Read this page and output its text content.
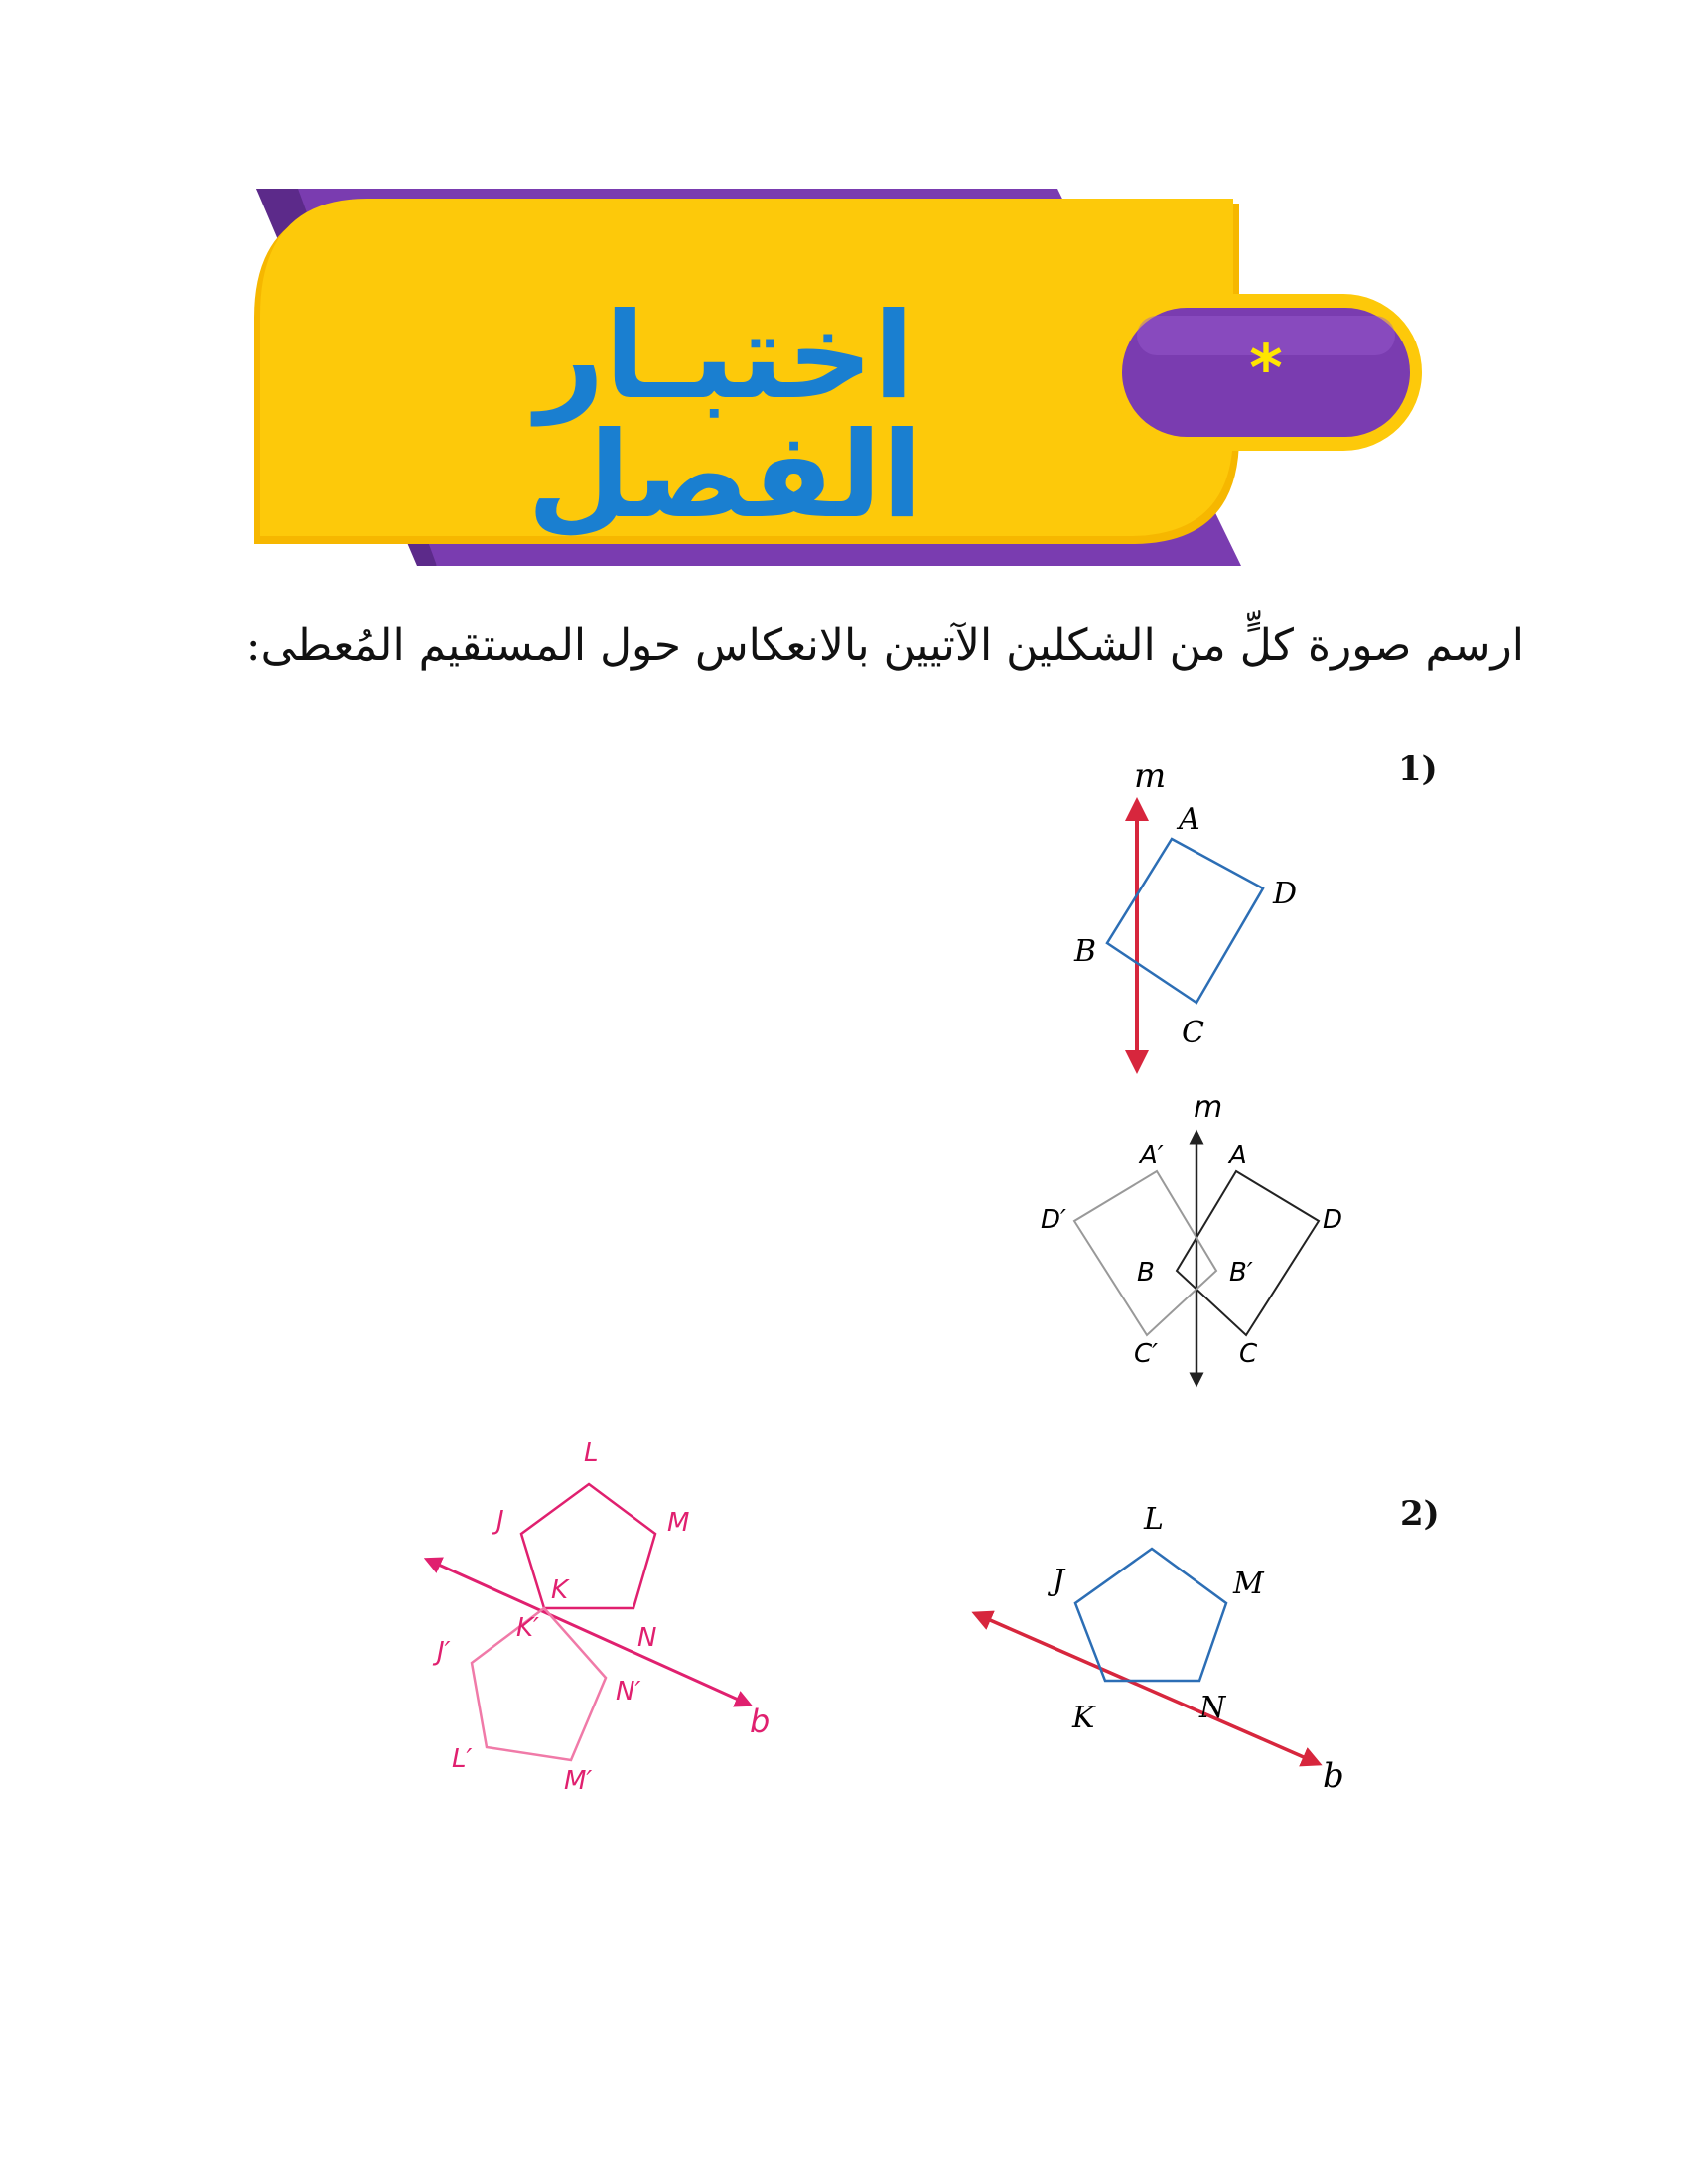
اختبـار الفصل
*
ارسم صورة كلٍّ من الشكلين الآتيين بالانعكاس حول المستقيم المُعطى:
1)
m
A
B
C
D
m
A
B
C
D
A′
B′
C′
D′
2)
L
M
J
N
K
b
L
M
J
N
K
K′
J′
N′
L′
M′
b
